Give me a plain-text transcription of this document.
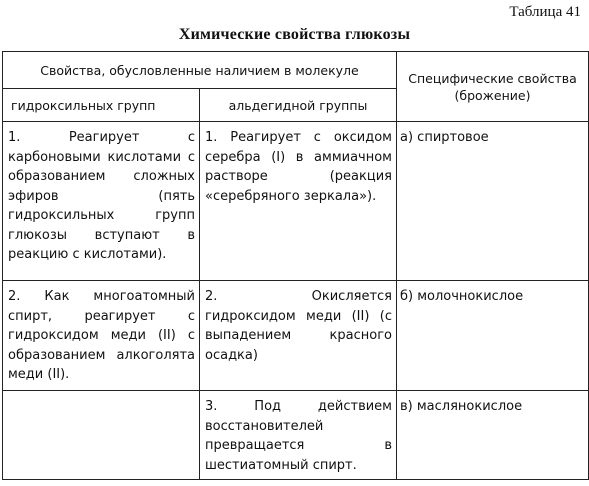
Таблица 41
Химические свойства глюкозы
Свойства, обусловленные наличием в молекуле		Специфические свойства (брожение)

гидроксильных групп	альдегидной группы	
1. Реагирует с карбоновыми кислотами с образованием сложных эфиров (пять гидроксильных групп глюкозы вступают в реакцию с кислотами).	1. Реагирует с оксидом серебра (I) в аммиачном растворе (реакция «серебряного зеркала»).	а) спиртовое
2. Как многоатомный спирт, реагирует с гидроксидом меди (II) с образованием алкоголята меди (II).	2. Окисляется гидроксидом меди (II) (с выпадением красного осадка)	б) молочнокислое
	3. Под действием восстановителей превращается в шестиатомный спирт.	в) маслянокислое
